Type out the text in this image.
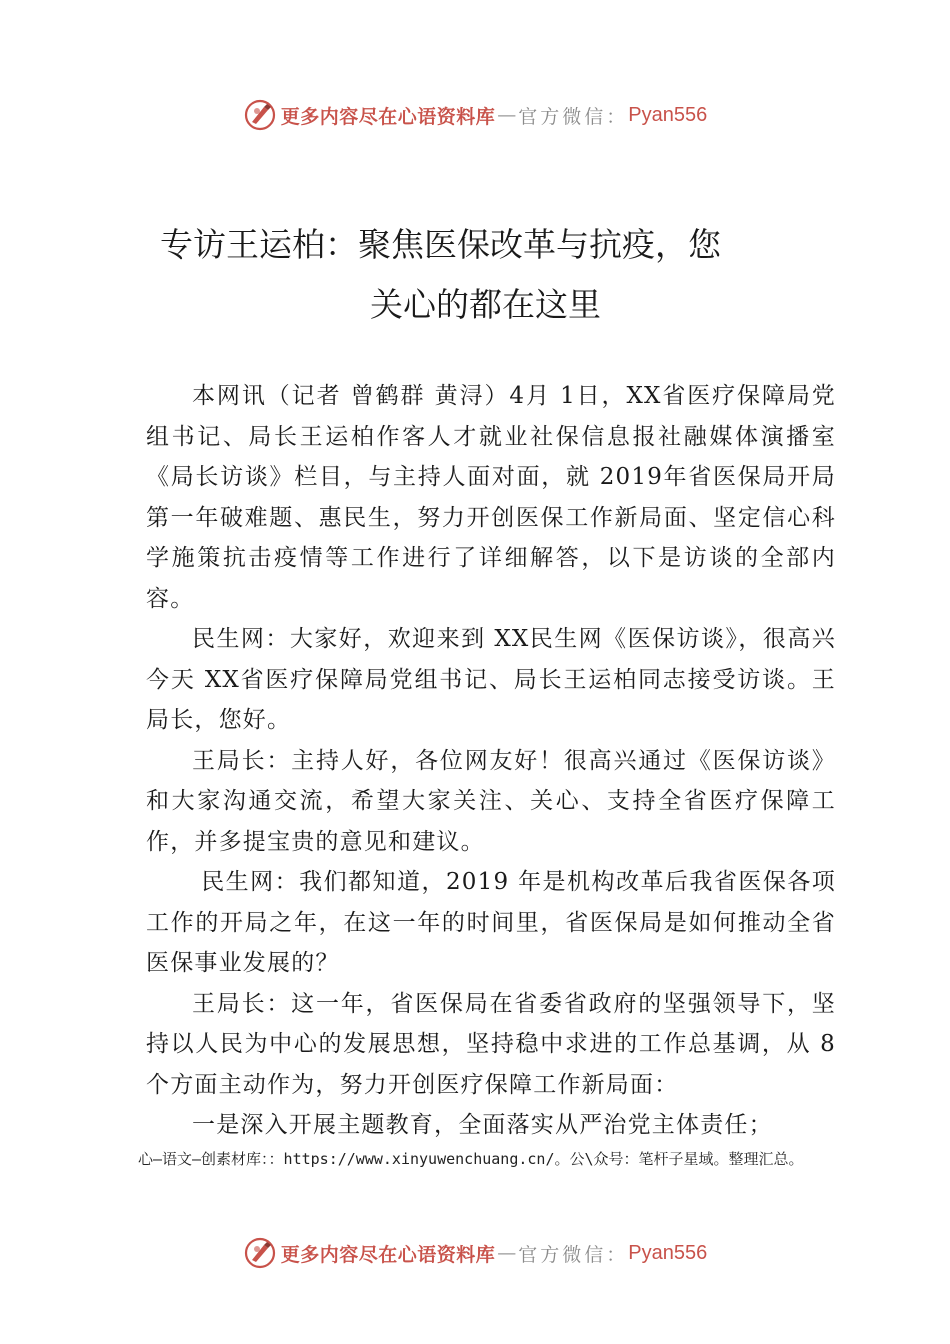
更多内容尽在心语资料库 — 官方微信： Pyan556
专访王运柏：聚焦医保改革与抗疫，您
关心的都在这里

本网讯（记者 曾鹤群 黄浔）4月 1日，XX省医疗保障局党组书记、局长王运柏作客人才就业社保信息报社融媒体演播室《局长访谈》栏目，与主持人面对面，就 2019年省医保局开局第一年破难题、惠民生，努力开创医保工作新局面、坚定信心科学施策抗击疫情等工作进行了详细解答，以下是访谈的全部内容。

民生网：大家好，欢迎来到 XX民生网《医保访谈》，很高兴今天 XX省医疗保障局党组书记、局长王运柏同志接受访谈。王局长，您好。

王局长：主持人好，各位网友好！很高兴通过《医保访谈》和大家沟通交流，希望大家关注、关心、支持全省医疗保障工作，并多提宝贵的意见和建议。

民生网：我们都知道，2019 年是机构改革后我省医保各项工作的开局之年，在这一年的时间里，省医保局是如何推动全省医保事业发展的？

王局长：这一年，省医保局在省委省政府的坚强领导下，坚持以人民为中心的发展思想，坚持稳中求进的工作总基调，从 8个方面主动作为，努力开创医疗保障工作新局面：

一是深入开展主题教育，全面落实从严治党主体责任；

心—语文—创素材库：：https://www.xinyuwenchuang.cn/。公\众号：笔杆子星域。整理汇总。

更多内容尽在心语资料库 — 官方微信： Pyan556
